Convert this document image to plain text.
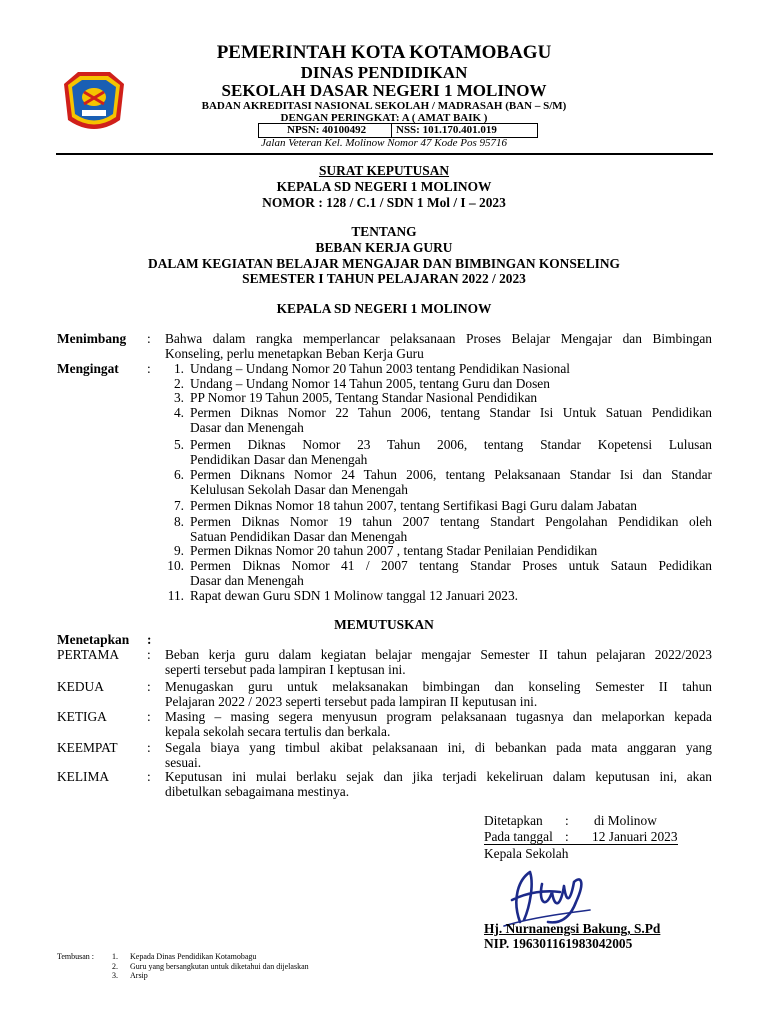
PEMERINTAH KOTA KOTAMOBAGU
DINAS PENDIDIKAN
SEKOLAH DASAR NEGERI 1 MOLINOW
BADAN AKREDITASI NASIONAL SEKOLAH / MADRASAH (BAN – S/M)
DENGAN PERINGKAT: A ( AMAT BAIK )
NPSN: 40100492	NSS: 101.170.401.019
Jalan Veteran Kel. Molinow Nomor 47 Kode Pos 95716
SURAT KEPUTUSAN
KEPALA SD NEGERI 1 MOLINOW
NOMOR : 128 / C.1 / SDN 1 Mol / I – 2023
TENTANG
BEBAN KERJA GURU
DALAM KEGIATAN BELAJAR MENGAJAR DAN BIMBINGAN KONSELING
SEMESTER I TAHUN PELAJARAN 2022 / 2023
KEPALA SD NEGERI 1 MOLINOW
Menimbang : Bahwa dalam rangka memperlancar pelaksanaan Proses Belajar Mengajar dan Bimbingan
Konseling, perlu menetapkan Beban Kerja Guru
Mengingat :	1. Undang – Undang Nomor 20 Tahun 2003 tentang Pendidikan Nasional
2. Undang – Undang Nomor 14 Tahun 2005, tentang Guru dan Dosen
3. PP Nomor 19 Tahun 2005, Tentang Standar Nasional Pendidikan
4. Permen Diknas Nomor 22 Tahun 2006, tentang Standar Isi Untuk Satuan Pendidikan
Dasar dan Menengah
5. Permen Diknas Nomor 23 Tahun 2006, tentang Standar Kopetensi Lulusan
Pendidikan Dasar dan Menengah
6. Permen Diknans Nomor 24 Tahun 2006, tentang Pelaksanaan Standar Isi dan Standar
Kelulusan Sekolah Dasar dan Menengah
7. Permen Diknas Nomor 18 tahun 2007, tentang Sertifikasi Bagi Guru dalam Jabatan
8. Permen Diknas Nomor 19 tahun 2007 tentang Standart Pengolahan Pendidikan oleh
Satuan Pendidikan Dasar dan Menengah
9. Permen Diknas Nomor 20 tahun 2007 , tentang Stadar Penilaian Pendidikan
10. Permen Diknas Nomor 41 / 2007 tentang Standar Proses untuk Sataun Pedidikan
Dasar dan Menengah
11. Rapat dewan Guru SDN 1 Molinow tanggal 12 Januari 2023.
MEMUTUSKAN
Menetapkan :
PERTAMA : Beban kerja guru dalam kegiatan belajar mengajar Semester II tahun pelajaran 2022/2023
seperti tersebut pada lampiran I keptusan ini.
KEDUA	: Menugaskan guru untuk melaksanakan bimbingan dan konseling Semester II tahun
Pelajaran 2022 / 2023 seperti tersebut pada lampiran II keputusan ini.
KETIGA	: Masing – masing segera menyusun program pelaksanaan tugasnya dan melaporkan kepada
kepala sekolah secara tertulis dan berkala.
KEEMPAT : Segala biaya yang timbul akibat pelaksanaan ini, di bebankan pada mata anggaran yang
sesuai.
KELIMA	: Keputusan ini mulai berlaku sejak dan jika terjadi kekeliruan dalam keputusan ini, akan
dibetulkan sebagaimana mestinya.
Ditetapkan : di Molinow
Pada tanggal : 12 Januari 2023
Kepala Sekolah
Hj. Nurnanengsi Bakung, S.Pd
NIP. 196301161983042005
Tembusan : 1. Kepada Dinas Pendidikan Kotamobagu
2. Guru yang bersangkutan untuk diketahui dan dijelaskan
3. Arsip
